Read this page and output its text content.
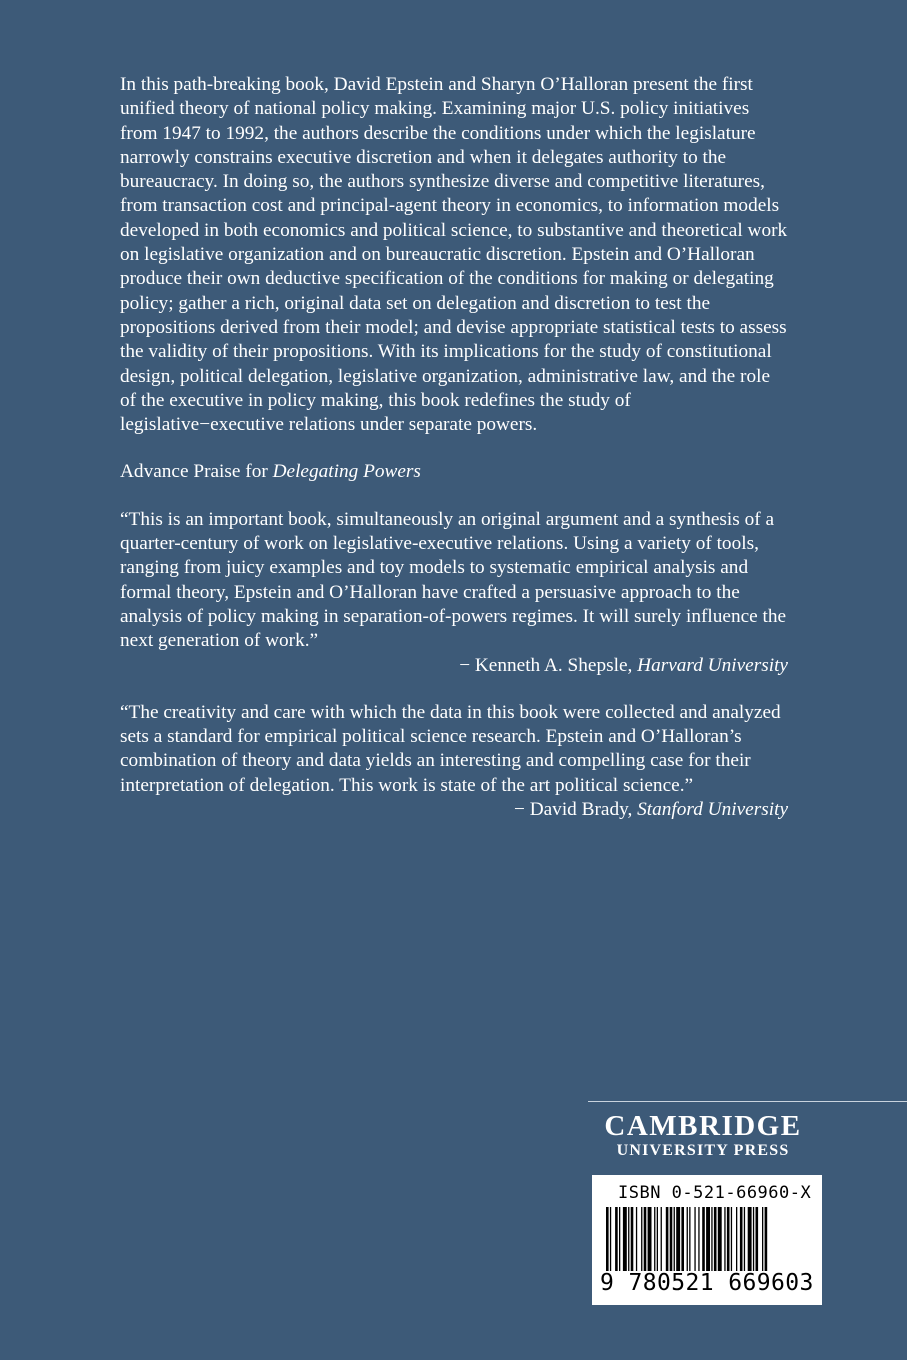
In this path-breaking book, David Epstein and Sharyn O’Halloran present the first unified theory of national policy making. Examining major U.S. policy initiatives from 1947 to 1992, the authors describe the conditions under which the legislature narrowly constrains executive discretion and when it delegates authority to the bureaucracy. In doing so, the authors synthesize diverse and competitive literatures, from transaction cost and principal-agent theory in economics, to information models developed in both economics and political science, to substantive and theoretical work on legislative organization and on bureaucratic discretion. Epstein and O’Halloran produce their own deductive specification of the conditions for making or delegating policy; gather a rich, original data set on delegation and discretion to test the propositions derived from their model; and devise appropriate statistical tests to assess the validity of their propositions. With its implications for the study of constitutional design, political delegation, legislative organization, administrative law, and the role of the executive in policy making, this book redefines the study of legislative−executive relations under separate powers.

Advance Praise for Delegating Powers

“This is an important book, simultaneously an original argument and a synthesis of a quarter-century of work on legislative-executive relations. Using a variety of tools, ranging from juicy examples and toy models to systematic empirical analysis and formal theory, Epstein and O’Halloran have crafted a persuasive approach to the analysis of policy making in separation-of-powers regimes. It will surely influence the next generation of work.”

− Kenneth A. Shepsle, Harvard University

“The creativity and care with which the data in this book were collected and analyzed sets a standard for empirical political science research. Epstein and O’Halloran’s combination of theory and data yields an interesting and compelling case for their interpretation of delegation. This work is state of the art political science.”

− David Brady, Stanford University

CAMBRIDGE
UNIVERSITY PRESS
ISBN 0-521-66960-X
9 780521 669603
